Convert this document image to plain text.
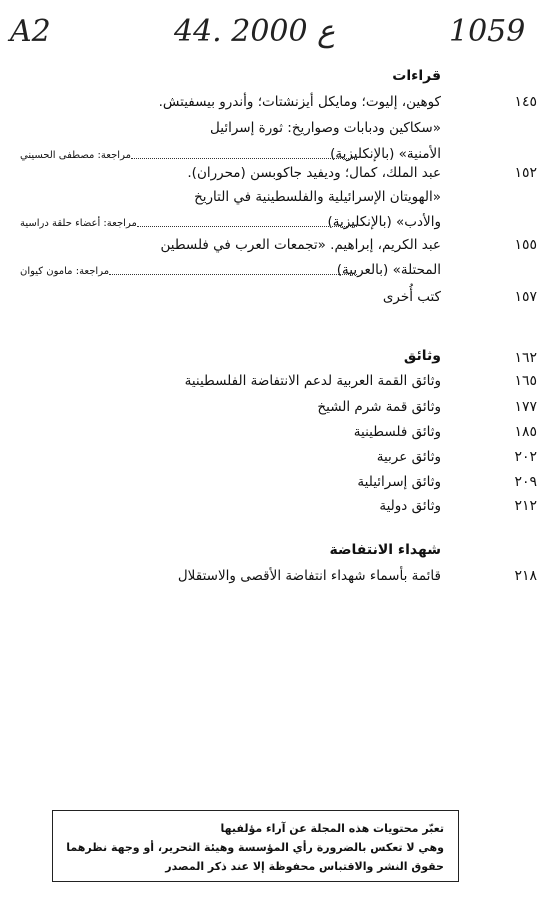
A2	44. ع 2000	1059
قراءات
١٤٥
كوهين، إليوت؛ ومايكل أيزنشتات؛ وأندرو بيسفيتش.
«سكاكين ودبابات وصواريخ: ثورة إسرائيل
الأمنية» (بالإنكليزية)
مراجعة: مصطفى الحسيني
١٥٢
عبد الملك، كمال؛ وديفيد جاكوبسن (محرران).
«الهويتان الإسرائيلية والفلسطينية في التاريخ
والأدب» (بالإنكليزية)
مراجعة: أعضاء حلقة دراسية
١٥٥
عبد الكريم، إبراهيم. «تجمعات العرب في فلسطين
المحتلة» (بالعربية)
مراجعة: مامون كيوان
١٥٧
كتب أُخرى
١٦٢
وثائق
١٦٥
وثائق القمة العربية لدعم الانتفاضة الفلسطينية
١٧٧
وثائق قمة شرم الشيخ
١٨٥
وثائق فلسطينية
٢٠٢
وثائق عربية
٢٠٩
وثائق إسرائيلية
٢١٢
وثائق دولية
شهداء الانتفاضة
٢١٨
قائمة بأسماء شهداء انتفاضة الأقصى والاستقلال
تعبّر محتويات هذه المجلة عن آراء مؤلفيها
وهي لا تعكس بالضرورة رأي المؤسسة وهيئة التحرير، أو وجهة نظرهما
حقوق النشر والاقتباس محفوظة إلا عند ذكر المصدر
